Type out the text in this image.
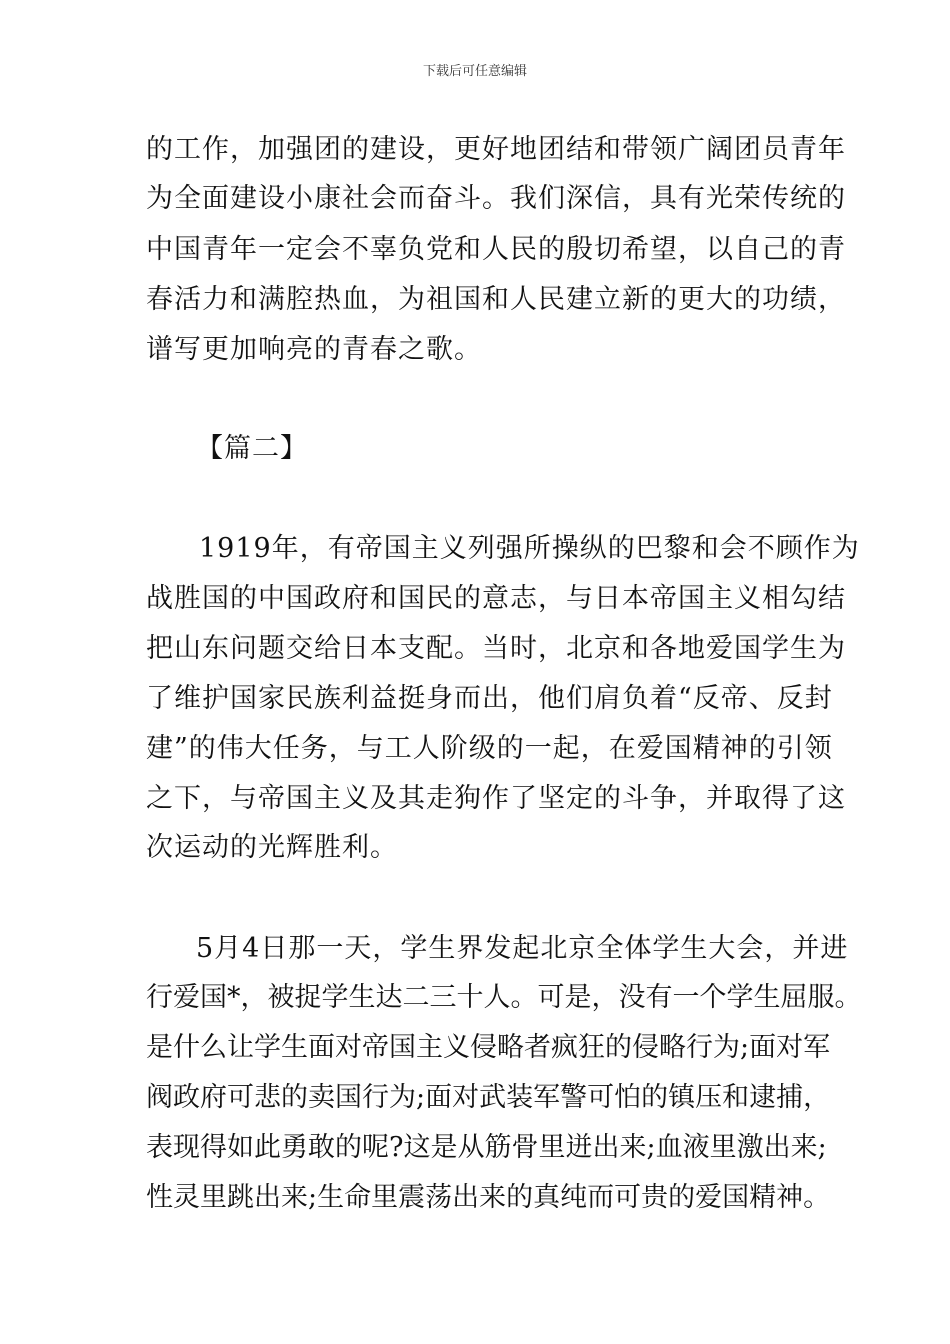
下载后可任意编辑
的工作，加强团的建设，更好地团结和带领广阔团员青年
为全面建设小康社会而奋斗。我们深信，具有光荣传统的
中国青年一定会不辜负党和人民的殷切希望，以自己的青
春活力和满腔热血，为祖国和人民建立新的更大的功绩，
谱写更加响亮的青春之歌。
【篇二】
1919年，有帝国主义列强所操纵的巴黎和会不顾作为
战胜国的中国政府和国民的意志，与日本帝国主义相勾结
把山东问题交给日本支配。当时，北京和各地爱国学生为
了维护国家民族利益挺身而出，他们肩负着“反帝、反封
建”的伟大任务，与工人阶级的一起，在爱国精神的引领
之下，与帝国主义及其走狗作了坚定的斗争，并取得了这
次运动的光辉胜利。
5月4日那一天，学生界发起北京全体学生大会，并进
行爱国*，被捉学生达二三十人。可是，没有一个学生屈服。
是什么让学生面对帝国主义侵略者疯狂的侵略行为;面对军
阀政府可悲的卖国行为;面对武装军警可怕的镇压和逮捕，
表现得如此勇敢的呢?这是从筋骨里迸出来;血液里激出来;
性灵里跳出来;生命里震荡出来的真纯而可贵的爱国精神。
